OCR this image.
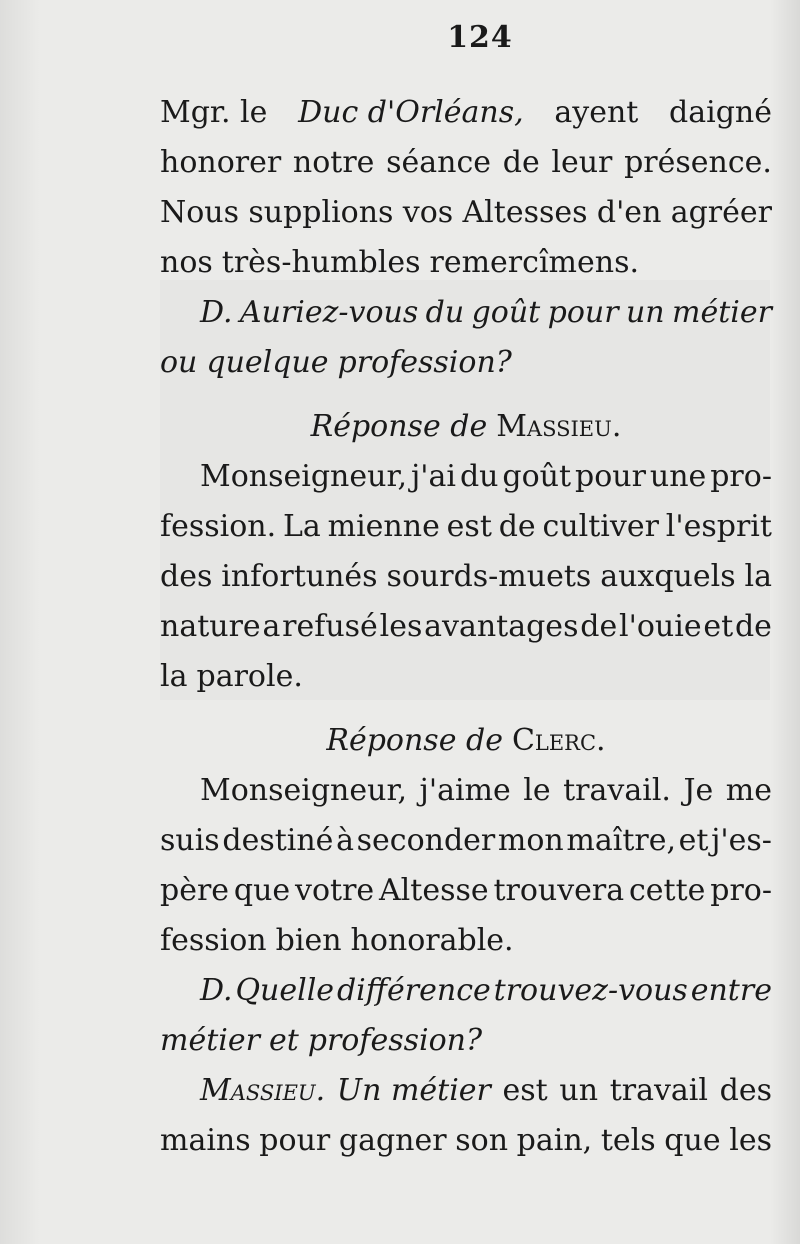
124
Mgr. le Duc d'Orléans, ayent daigné
honorer notre séance de leur présence.
Nous supplions vos Altesses d'en agréer
nos très-humbles remercîmens.
D. Auriez-vous du goût pour un métier
ou quelque profession?
Réponse de Massieu.
Monseigneur, j'ai du goût pour une pro-
fession. La mienne est de cultiver l'esprit
des infortunés sourds-muets auxquels la
nature a refusé les avantages de l'ouie et de
la parole.
Réponse de Clerc.
Monseigneur, j'aime le travail. Je me
suis destiné à seconder mon maître, et j'es-
père que votre Altesse trouvera cette pro-
fession bien honorable.
D. Quelle différence trouvez-vous entre
métier et profession?
Massieu. Un métier est un travail des
mains pour gagner son pain, tels que les
